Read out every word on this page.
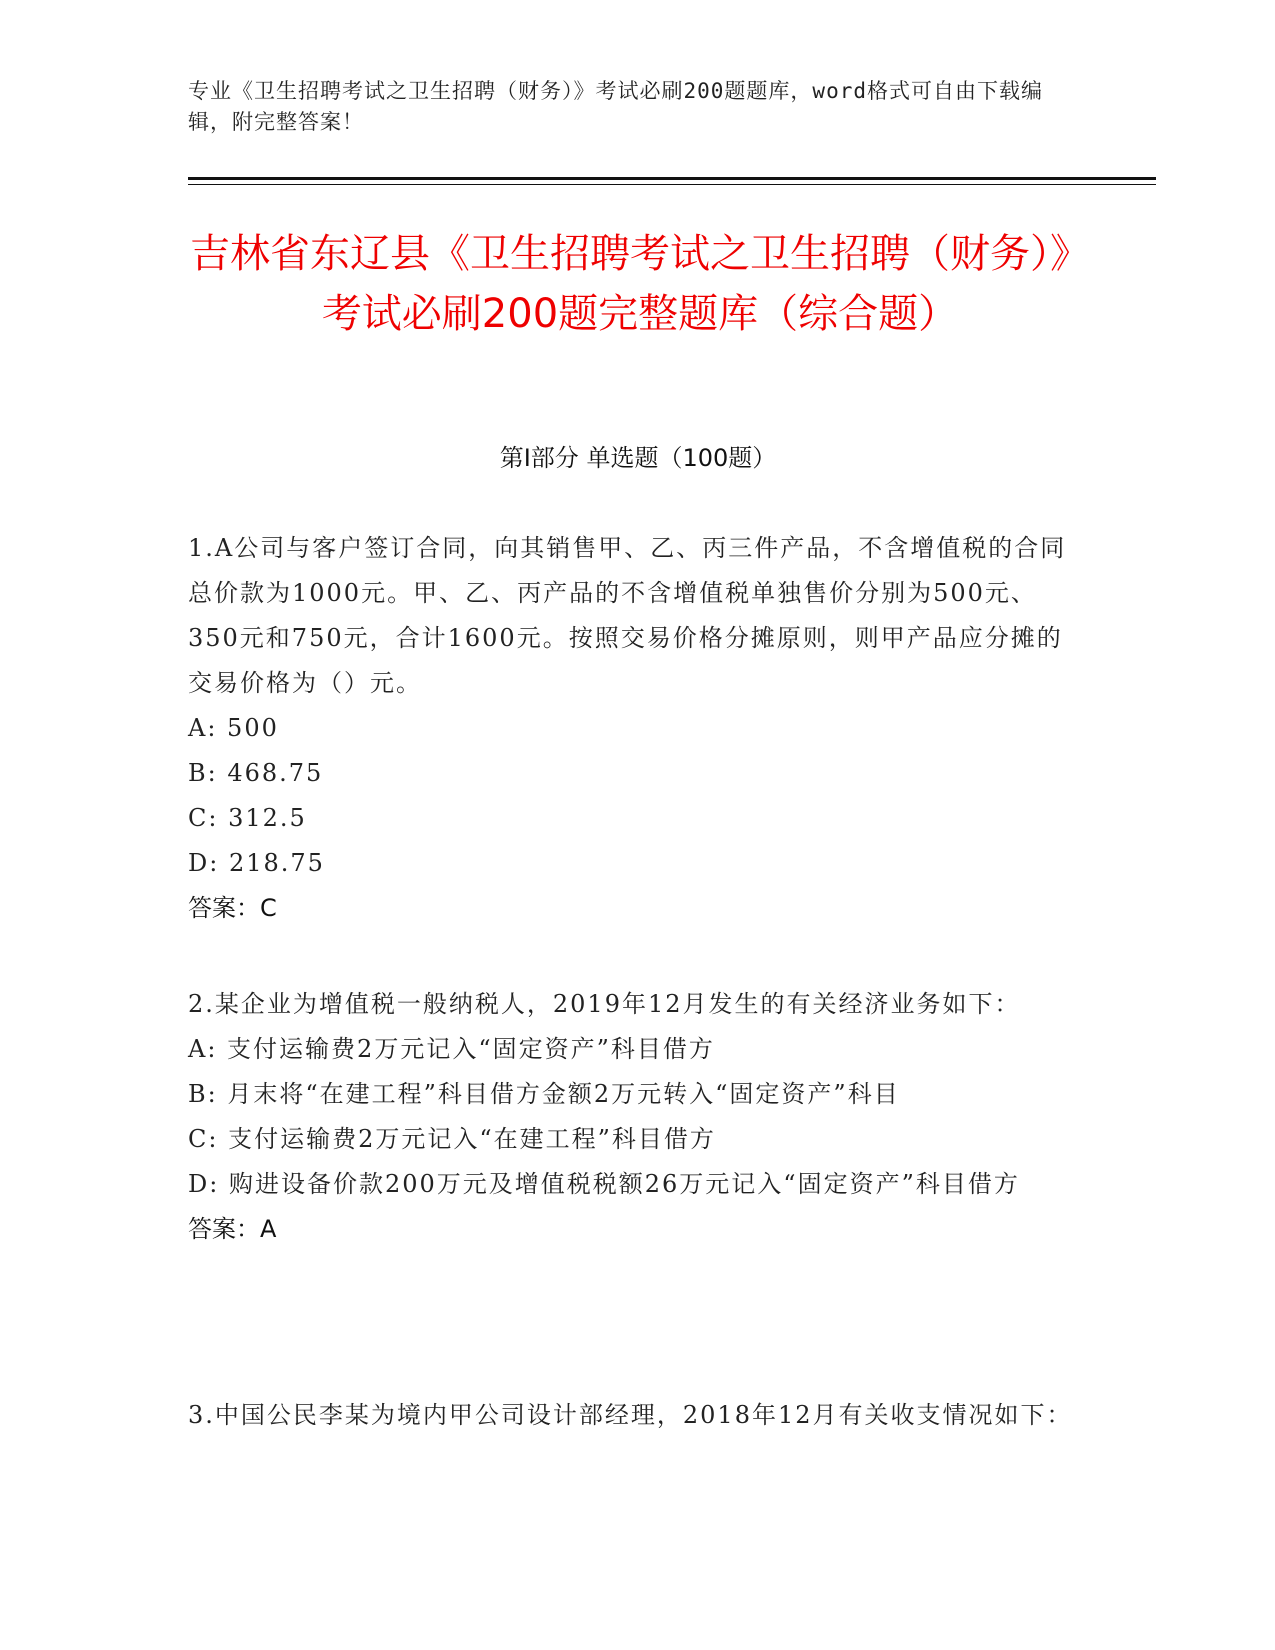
专业《卫生招聘考试之卫生招聘（财务）》考试必刷200题题库，word格式可自由下载编辑，附完整答案！
吉林省东辽县《卫生招聘考试之卫生招聘（财务）》考试必刷200题完整题库（综合题）
第I部分 单选题（100题）

1.A公司与客户签订合同，向其销售甲、乙、丙三件产品，不含增值税的合同总价款为1000元。甲、乙、丙产品的不含增值税单独售价分别为500元、350元和750元，合计1600元。按照交易价格分摊原则，则甲产品应分摊的交易价格为（）元。

A: 500

B: 468.75

C: 312.5

D: 218.75

答案：C

2.某企业为增值税一般纳税人，2019年12月发生的有关经济业务如下：

A: 支付运输费2万元记入“固定资产”科目借方

B: 月末将“在建工程”科目借方金额2万元转入“固定资产”科目

C: 支付运输费2万元记入“在建工程”科目借方

D: 购进设备价款200万元及增值税税额26万元记入“固定资产”科目借方

答案：A

3.中国公民李某为境内甲公司设计部经理，2018年12月有关收支情况如下：
